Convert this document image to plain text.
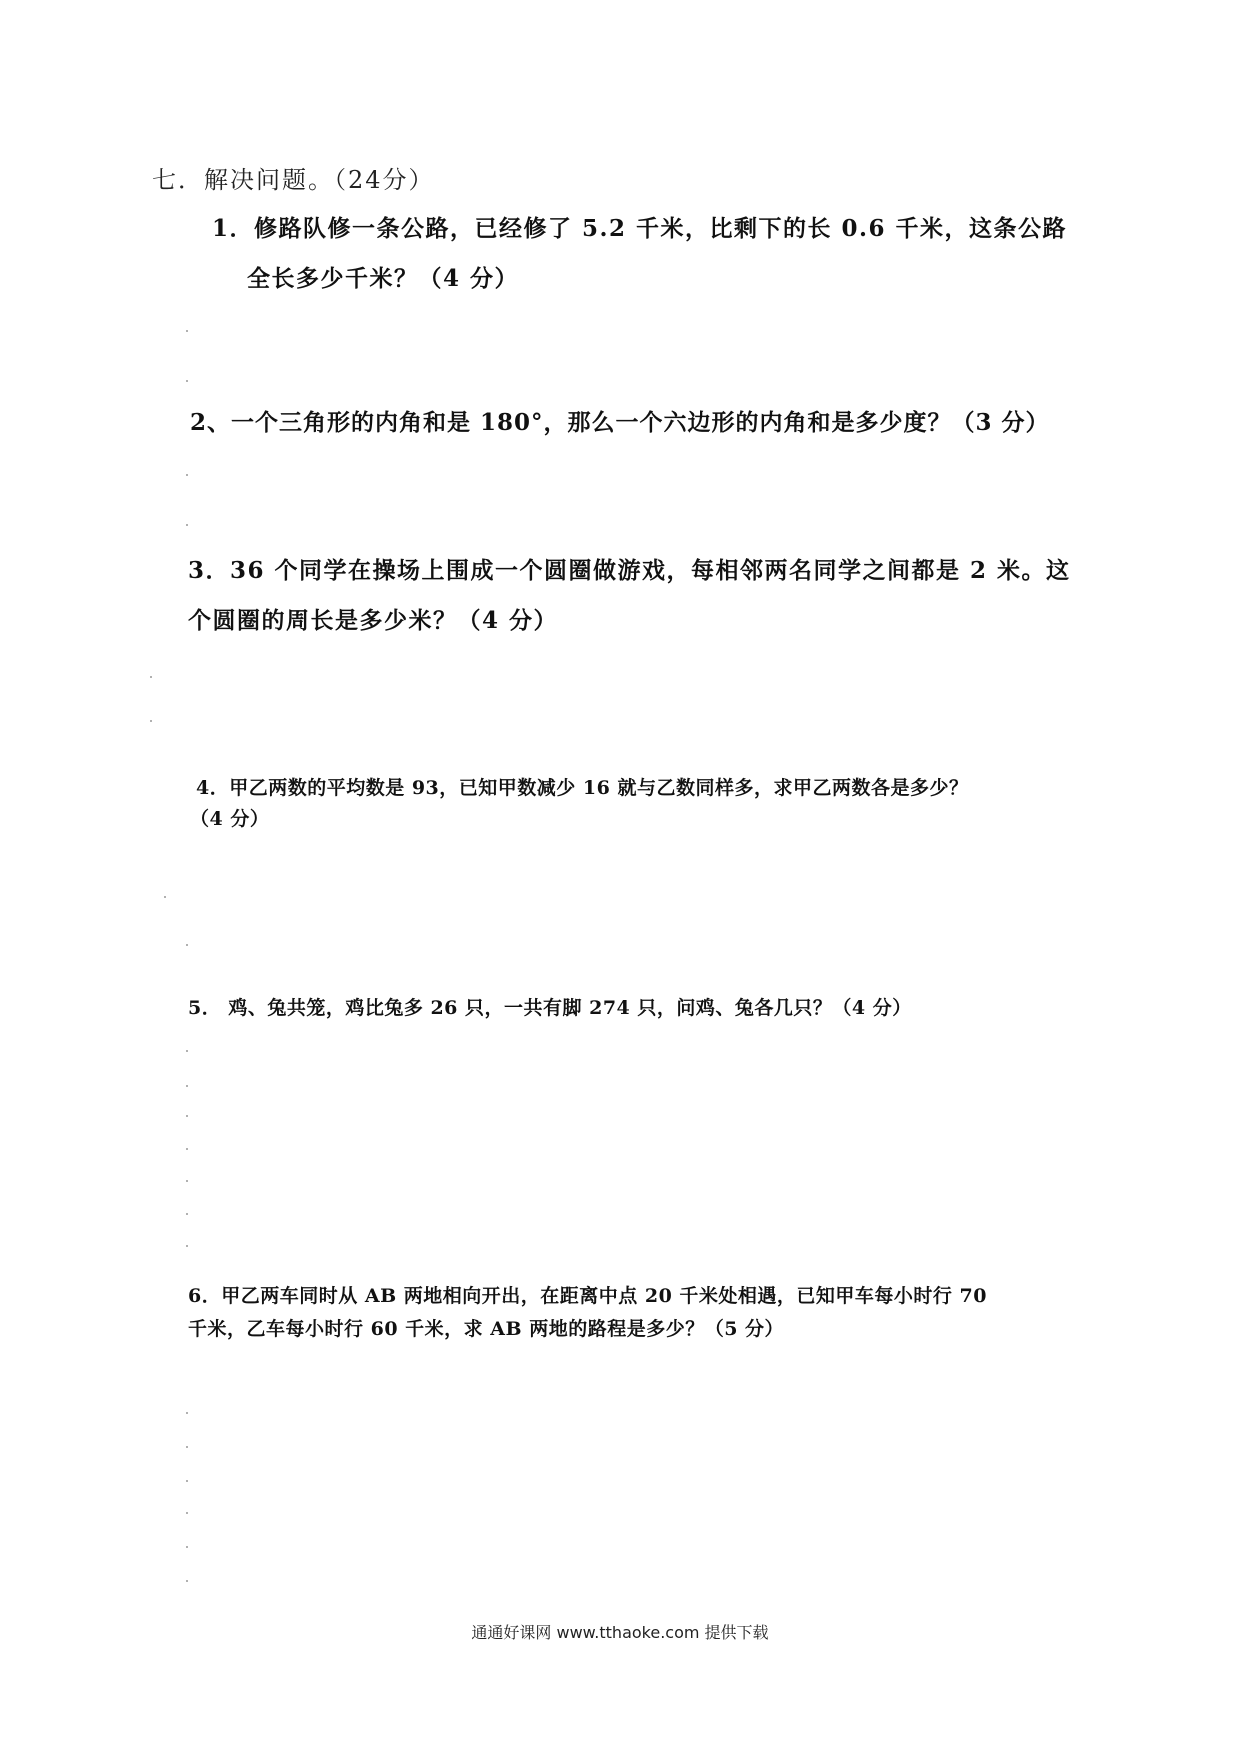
七．解决问题。（24分）
1．修路队修一条公路，已经修了 5.2 千米，比剩下的长 0.6 千米，这条公路
全长多少千米？（4 分）
2、一个三角形的内角和是 180°，那么一个六边形的内角和是多少度？（3 分）
3．36 个同学在操场上围成一个圆圈做游戏，每相邻两名同学之间都是 2 米。这
个圆圈的周长是多少米？（4 分）
4．甲乙两数的平均数是 93，已知甲数减少 16 就与乙数同样多，求甲乙两数各是多少？
（4 分）
5． 鸡、兔共笼，鸡比兔多 26 只，一共有脚 274 只，问鸡、兔各几只？（4 分）
6．甲乙两车同时从 AB 两地相向开出，在距离中点 20 千米处相遇，已知甲车每小时行 70
千米，乙车每小时行 60 千米，求 AB 两地的路程是多少？（5 分）
通通好课网 www.tthaoke.com 提供下载
